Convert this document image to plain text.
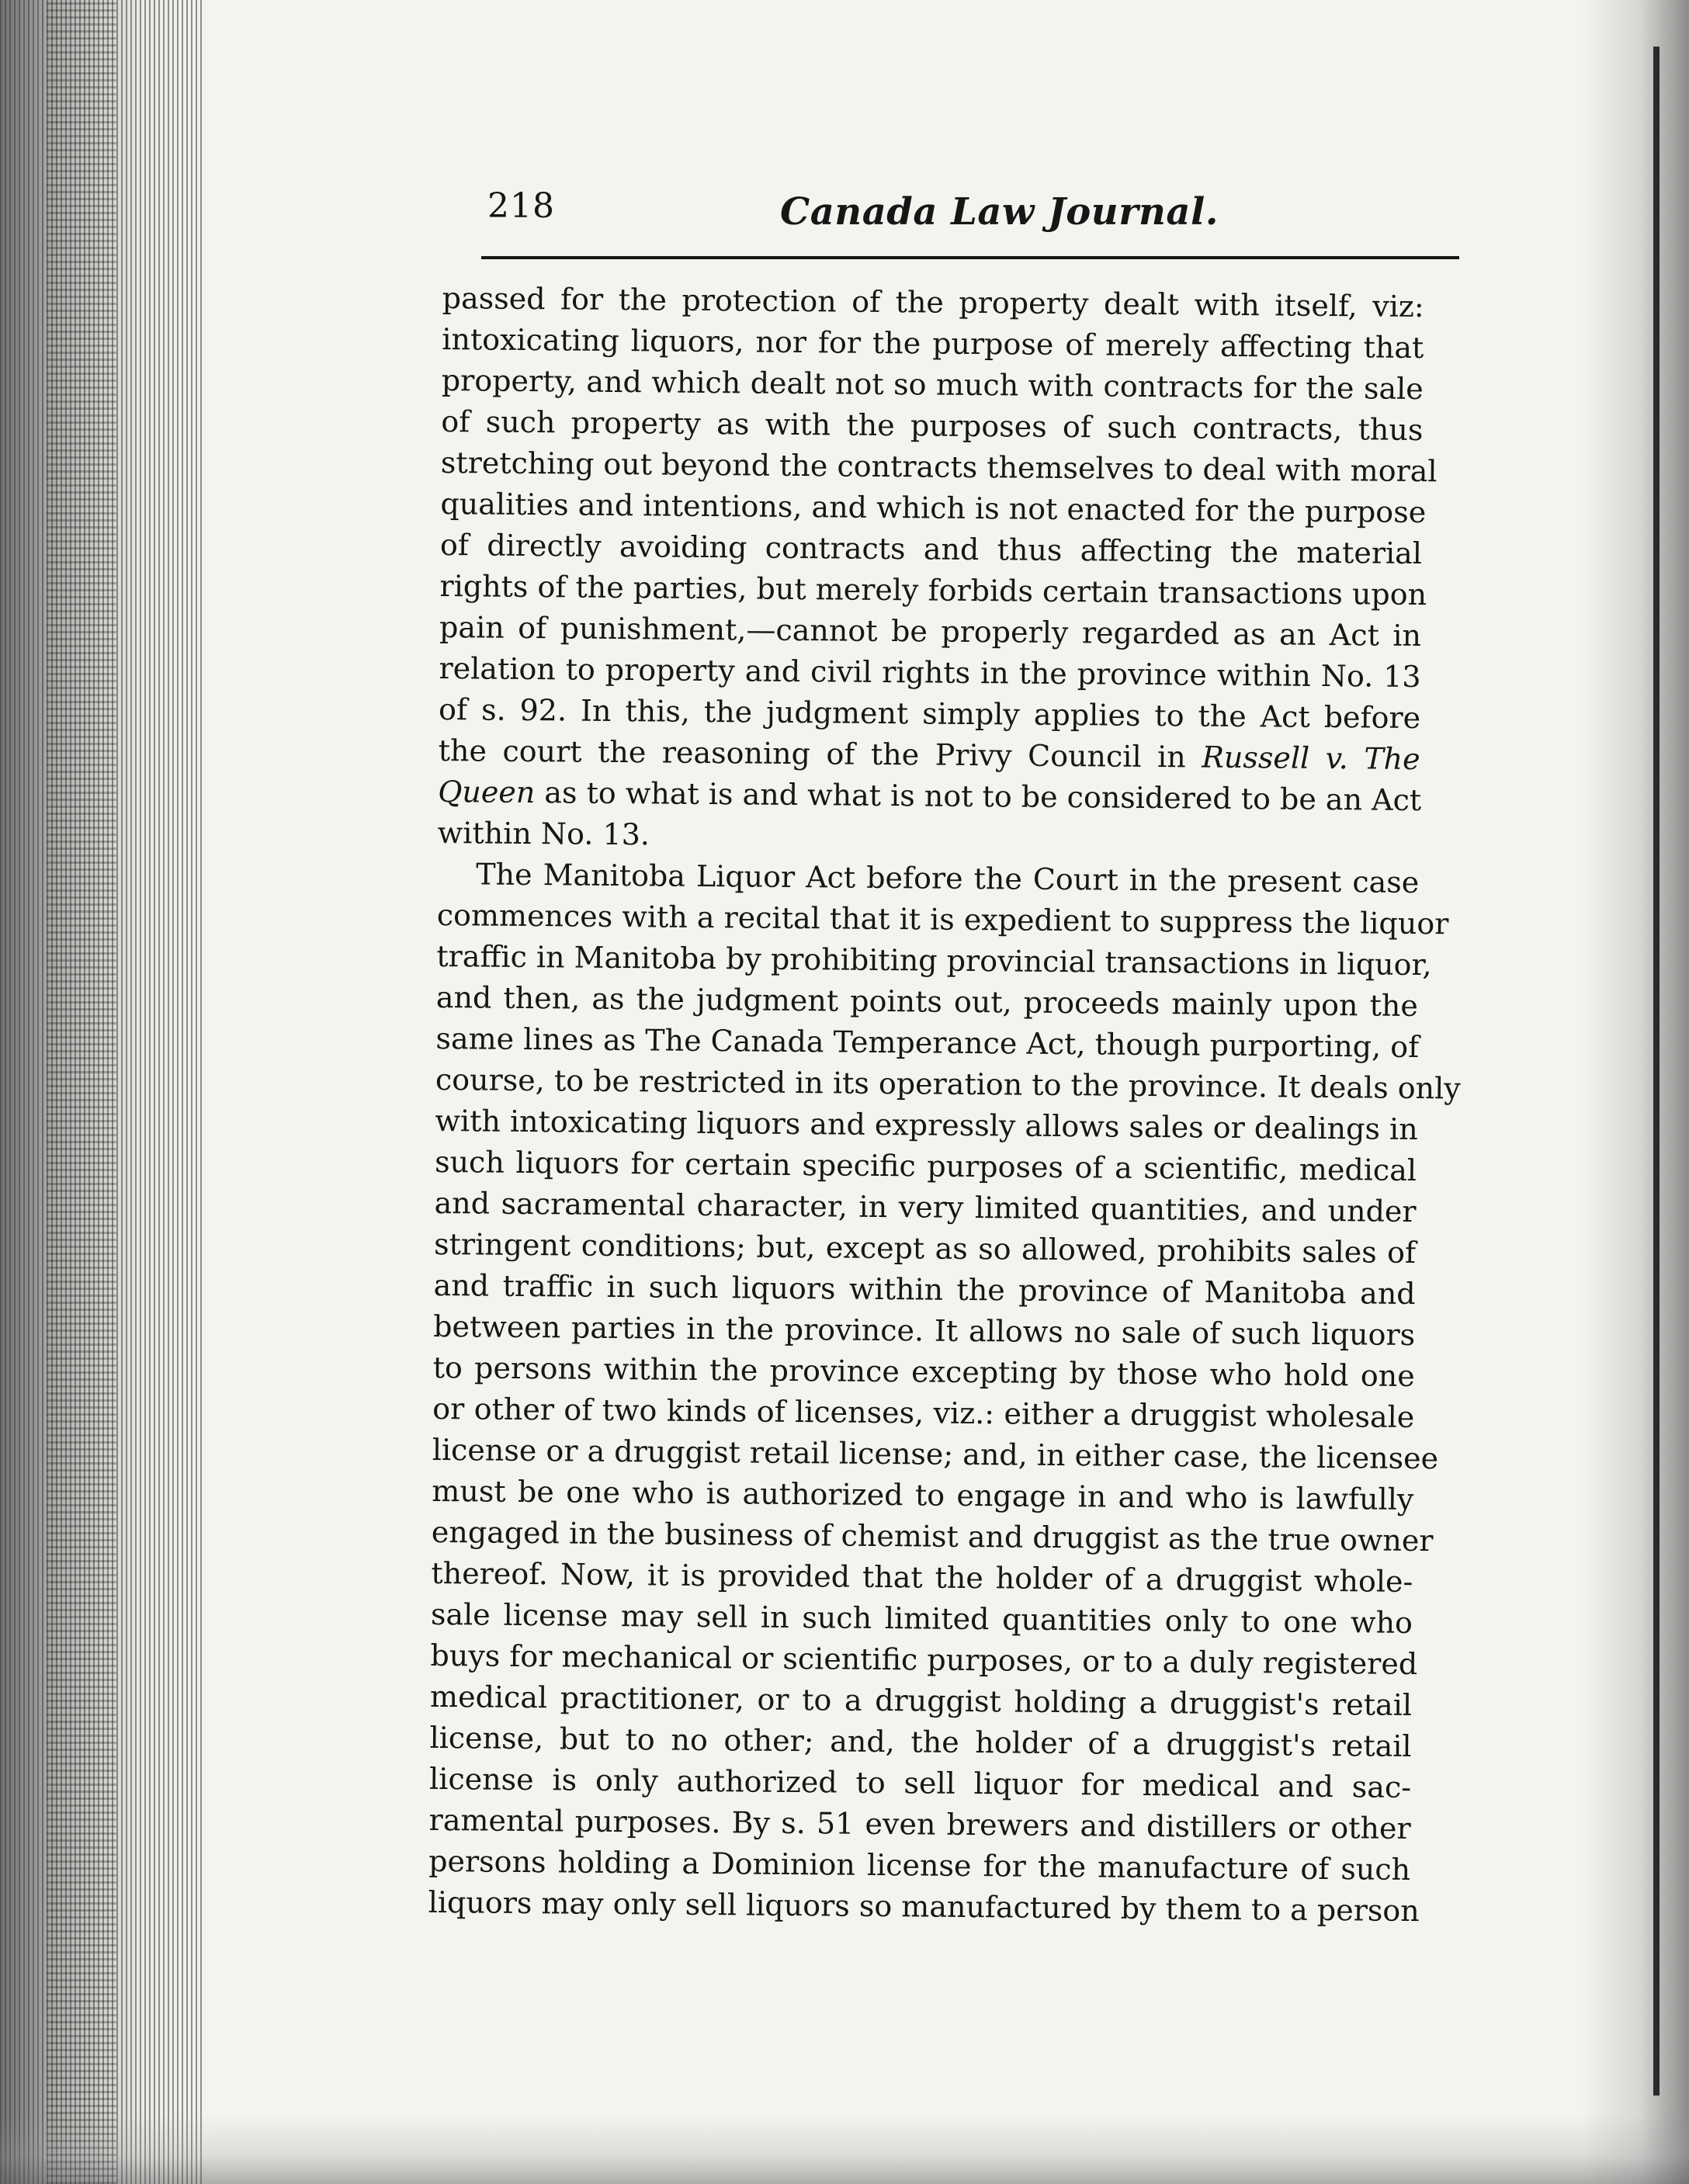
218	Canada Law Journal.

passed for the protection of the property dealt with itself, viz:
intoxicating liquors, nor for the purpose of merely affecting that
property, and which dealt not so much with contracts for the sale
of such property as with the purposes of such contracts, thus
stretching out beyond the contracts themselves to deal with moral
qualities and intentions, and which is not enacted for the purpose
of directly avoiding contracts and thus affecting the material
rights of the parties, but merely forbids certain transactions upon
pain of punishment,—cannot be properly regarded as an Act in
relation to property and civil rights in the province within No. 13
of s. 92. In this, the judgment simply applies to the Act before
the court the reasoning of the Privy Council in Russell v. The
Queen as to what is and what is not to be considered to be an Act
within No. 13.

The Manitoba Liquor Act before the Court in the present case
commences with a recital that it is expedient to suppress the liquor
traffic in Manitoba by prohibiting provincial transactions in liquor,
and then, as the judgment points out, proceeds mainly upon the
same lines as The Canada Temperance Act, though purporting, of
course, to be restricted in its operation to the province. It deals only
with intoxicating liquors and expressly allows sales or dealings in
such liquors for certain specific purposes of a scientific, medical
and sacramental character, in very limited quantities, and under
stringent conditions; but, except as so allowed, prohibits sales of
and traffic in such liquors within the province of Manitoba and
between parties in the province. It allows no sale of such liquors
to persons within the province excepting by those who hold one
or other of two kinds of licenses, viz.: either a druggist wholesale
license or a druggist retail license; and, in either case, the licensee
must be one who is authorized to engage in and who is lawfully
engaged in the business of chemist and druggist as the true owner
thereof. Now, it is provided that the holder of a druggist whole-
sale license may sell in such limited quantities only to one who
buys for mechanical or scientific purposes, or to a duly registered
medical practitioner, or to a druggist holding a druggist's retail
license, but to no other; and, the holder of a druggist's retail
license is only authorized to sell liquor for medical and sac-
ramental purposes. By s. 51 even brewers and distillers or other
persons holding a Dominion license for the manufacture of such
liquors may only sell liquors so manufactured by them to a person
